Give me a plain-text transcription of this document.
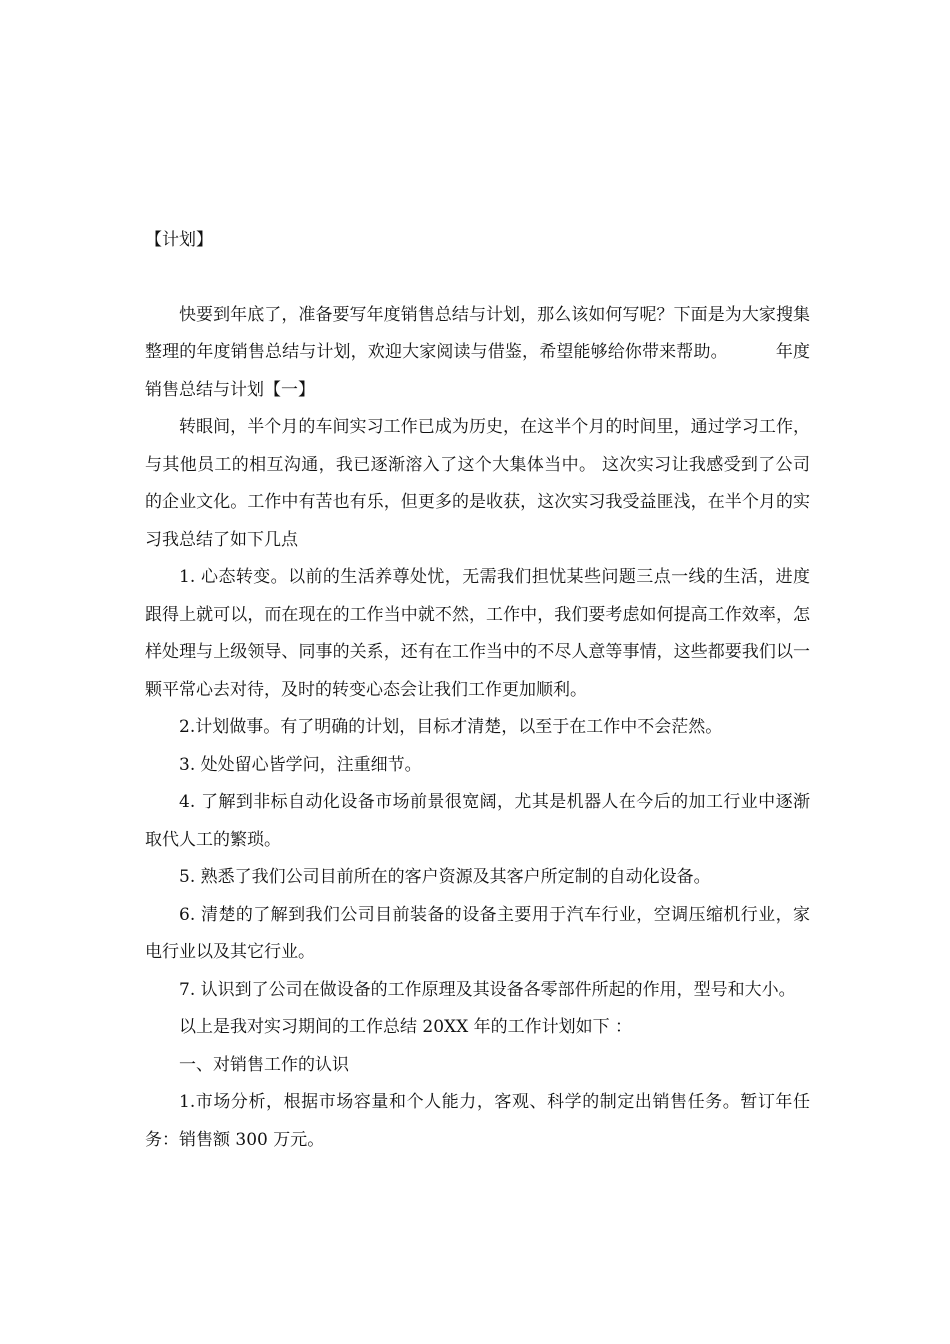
【计划】

快要到年底了，准备要写年度销售总结与计划，那么该如何写呢？下面是为大家搜集整理的年度销售总结与计划，欢迎大家阅读与借鉴，希望能够给你带来帮助。	年度销售总结与计划【一】

转眼间，半个月的车间实习工作已成为历史，在这半个月的时间里，通过学习工作，与其他员工的相互沟通，我已逐渐溶入了这个大集体当中。 这次实习让我感受到了公司的企业文化。工作中有苦也有乐，但更多的是收获，这次实习我受益匪浅，在半个月的实习我总结了如下几点

1. 心态转变。以前的生活养尊处忧，无需我们担忧某些问题三点一线的生活，进度跟得上就可以，而在现在的工作当中就不然，工作中，我们要考虑如何提高工作效率，怎样处理与上级领导、同事的关系，还有在工作当中的不尽人意等事情，这些都要我们以一颗平常心去对待，及时的转变心态会让我们工作更加顺利。

2.计划做事。有了明确的计划，目标才清楚，以至于在工作中不会茫然。

3. 处处留心皆学问，注重细节。

4. 了解到非标自动化设备市场前景很宽阔，尤其是机器人在今后的加工行业中逐渐取代人工的繁琐。

5. 熟悉了我们公司目前所在的客户资源及其客户所定制的自动化设备。

6. 清楚的了解到我们公司目前装备的设备主要用于汽车行业，空调压缩机行业，家电行业以及其它行业。

7. 认识到了公司在做设备的工作原理及其设备各零部件所起的作用，型号和大小。

以上是我对实习期间的工作总结 20XX 年的工作计划如下 ：

一、对销售工作的认识

1.市场分析，根据市场容量和个人能力，客观、科学的制定出销售任务。暂订年任务：销售额 300 万元。
